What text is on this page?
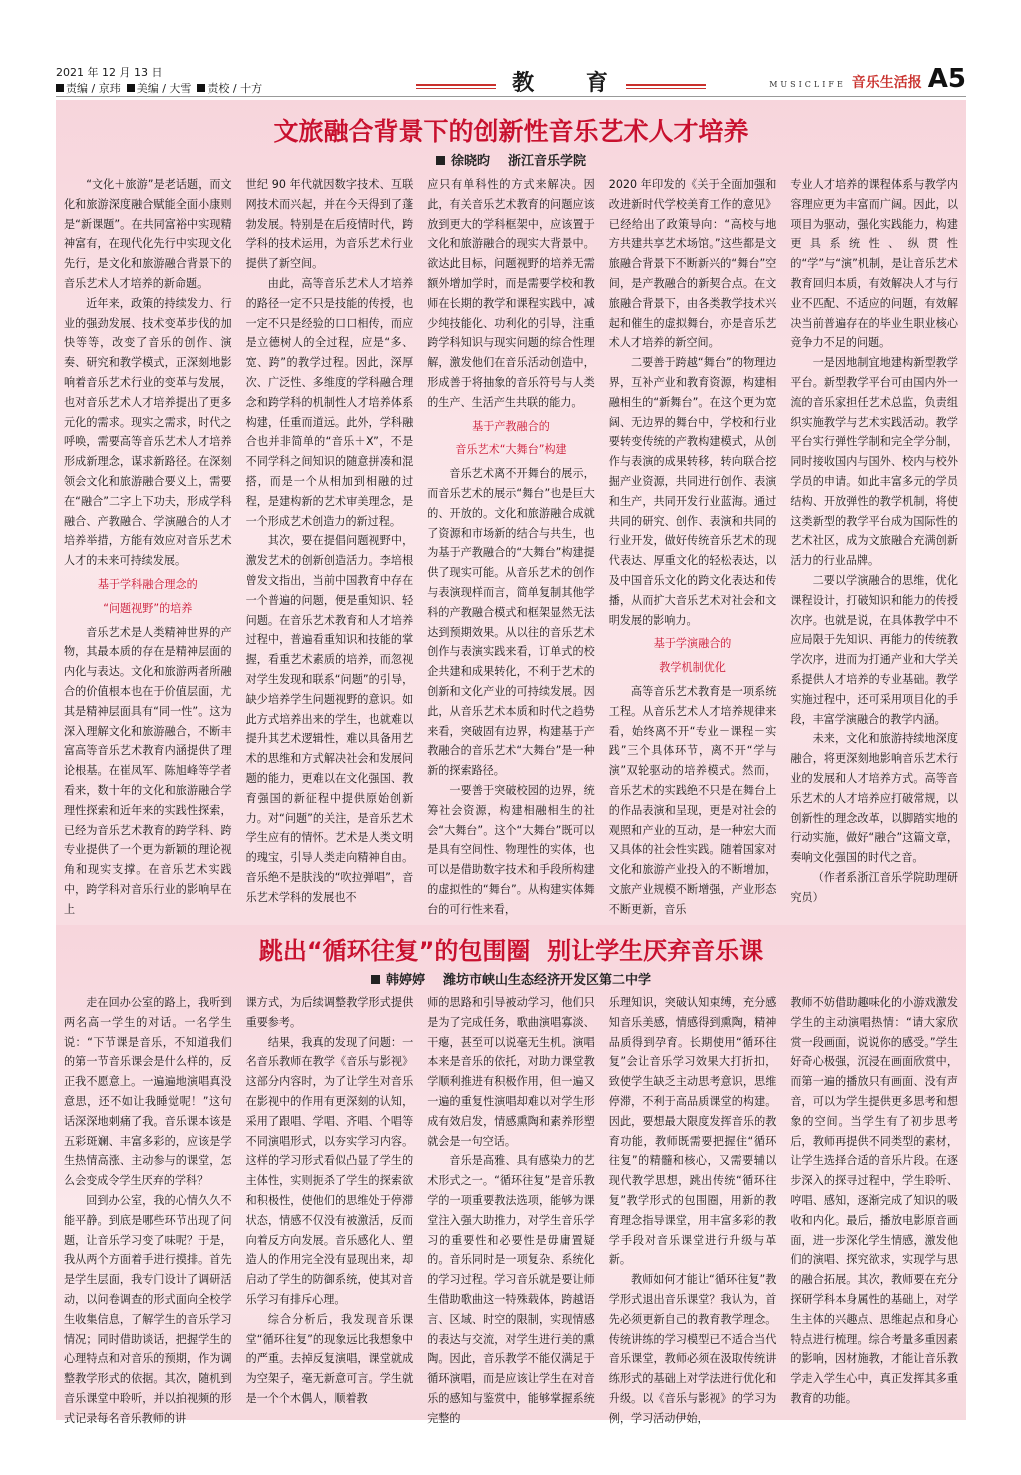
2021 年 12 月 13 日
责编 / 京玮	美编 / 大雪	责校 / 十方	教 育	MUSICLIFE 音乐生活报 A5
文旅融合背景下的创新性音乐艺术人才培养
徐晓昀 浙江音乐学院

“文化＋旅游”是老话题，而文化和旅游深度融合赋能全面小康则是“新课题”。在共同富裕中实现精神富有，在现代化先行中实现文化先行，是文化和旅游融合背景下的音乐艺术人才培养的新命题。

近年来，政策的持续发力、行业的强劲发展、技术变革步伐的加快等等，改变了音乐的创作、演奏、研究和教学模式，正深刻地影响着音乐艺术行业的变革与发展，也对音乐艺术人才培养提出了更多元化的需求。现实之需求，时代之呼唤，需要高等音乐艺术人才培养形成新理念，谋求新路径。在深刻领会文化和旅游融合要义上，需要在“融合”二字上下功夫，形成学科融合、产教融合、学演融合的人才培养举措，方能有效应对音乐艺术人才的未来可持续发展。

基于学科融合理念的
“问题视野”的培养

音乐艺术是人类精神世界的产物，其最本质的存在是精神层面的内化与表达。文化和旅游两者所融合的价值根本也在于价值层面，尤其是精神层面具有“同一性”。这为深入理解文化和旅游融合，不断丰富高等音乐艺术教育内涵提供了理论根基。在崔凤军、陈旭峰等学者看来，数十年的文化和旅游融合学理性探索和近年来的实践性探索，已经为音乐艺术教育的跨学科、跨专业提供了一个更为新颖的理论视角和现实支撑。在音乐艺术实践中，跨学科对音乐行业的影响早在上

世纪 90 年代就因数字技术、互联网技术而兴起，并在今天得到了蓬勃发展。特别是在后疫情时代，跨学科的技术运用，为音乐艺术行业提供了新空间。

由此，高等音乐艺术人才培养的路径一定不只是技能的传授，也一定不只是经验的口口相传，而应是立德树人的全过程，应是“多、宽、跨”的教学过程。因此，深厚次、广泛性、多维度的学科融合理念和跨学科的机制性人才培养体系构建，任重而道远。此外，学科融合也并非简单的“音乐＋X”，不是不同学科之间知识的随意拼凑和混搭，而是一个从相加到相融的过程，是建构新的艺术审美理念，是一个形成艺术创造力的新过程。

其次，要在提倡问题视野中，激发艺术的创新创造活力。李培根曾发文指出，当前中国教育中存在一个普遍的问题，便是重知识、轻问题。在音乐艺术教育和人才培养过程中，普遍看重知识和技能的掌握，看重艺术素质的培养，而忽视对学生发现和联系“问题”的引导，缺少培养学生问题视野的意识。如此方式培养出来的学生，也就难以提升其艺术逻辑性，难以具备用艺术的思维和方式解决社会和发展问题的能力，更难以在文化强国、教育强国的新征程中提供原始创新力。对“问题”的关注，是音乐艺术学生应有的情怀。艺术是人类文明的瑰宝，引导人类走向精神自由。音乐绝不是肤浅的“吹拉弹唱”，音乐艺术学科的发展也不

应只有单科性的方式来解决。因此，有关音乐艺术教育的问题应该放到更大的学科框架中，应该置于文化和旅游融合的现实大背景中。欲达此目标，问题视野的培养无需额外增加学时，而是需要学校和教师在长期的教学和课程实践中，减少纯技能化、功利化的引导，注重跨学科知识与现实问题的综合性理解，激发他们在音乐活动创造中，形成善于将抽象的音乐符号与人类的生产、生活产生共联的能力。

基于产教融合的
音乐艺术“大舞台”构建

音乐艺术离不开舞台的展示，而音乐艺术的展示“舞台”也是巨大的、开放的。文化和旅游融合成就了资源和市场新的结合与共生，也为基于产教融合的“大舞台”构建提供了现实可能。从音乐艺术的创作与表演现样而言，简单复制其他学科的产教融合模式和框架显然无法达到预期效果。从以往的音乐艺术创作与表演实践来看，订单式的校企共建和成果转化，不利于艺术的创新和文化产业的可持续发展。因此，从音乐艺术本质和时代之趋势来看，突破固有边界，构建基于产教融合的音乐艺术“大舞台”是一种新的探索路径。

一要善于突破校园的边界，统筹社会资源，构建相融相生的社会“大舞台”。这个“大舞台”既可以是具有空间性、物理性的实体，也可以是借助数字技术和手段所构建的虚拟性的“舞台”。从构建实体舞台的可行性来看，

2020 年印发的《关于全面加强和改进新时代学校美育工作的意见》已经给出了政策导向：“高校与地方共建共享艺术场馆。”这些都是文旅融合背景下不断新兴的“舞台”空间，是产教融合的新契合点。在文旅融合背景下，由各类教学技术兴起和催生的虚拟舞台，亦是音乐艺术人才培养的新空间。

二要善于跨越“舞台”的物理边界，互补产业和教育资源，构建相融相生的“新舞台”。在这个更为宽阔、无边界的舞台中，学校和行业要转变传统的产教构建模式，从创作与表演的成果转移，转向联合挖掘产业资源，共同进行创作、表演和生产，共同开发行业蓝海。通过共同的研究、创作、表演和共同的行业开发，做好传统音乐艺术的现代表达、厚重文化的轻松表达，以及中国音乐文化的跨文化表达和传播，从而扩大音乐艺术对社会和文明发展的影响力。

基于学演融合的
教学机制优化

高等音乐艺术教育是一项系统工程。从音乐艺术人才培养规律来看，始终离不开“专业－课程－实践”三个具体环节，离不开“学与演”双轮驱动的培养模式。然而，音乐艺术的实践绝不只是在舞台上的作品表演和呈现，更是对社会的观照和产业的互动，是一种宏大而又具体的社会性实践。随着国家对文化和旅游产业投入的不断增加，文旅产业规模不断增强，产业形态不断更新，音乐

专业人才培养的课程体系与教学内容理应更为丰富而广阔。因此，以项目为驱动，强化实践能力，构建更具系统性、纵贯性的“学”与“演”机制，是让音乐艺术教育回归本质，有效解决人才与行业不匹配、不适应的问题，有效解决当前普遍存在的毕业生职业核心竞争力不足的问题。

一是因地制宜地建构新型教学平台。新型教学平台可由国内外一流的音乐家担任艺术总监，负责组织实施教学与艺术实践活动。教学平台实行弹性学制和完全学分制，同时接收国内与国外、校内与校外学员的申请。如此丰富多元的学员结构、开放弹性的教学机制，将使这类新型的教学平台成为国际性的艺术社区，成为文旅融合充满创新活力的行业品牌。

二要以学演融合的思维，优化课程设计，打破知识和能力的传授次序。也就是说，在具体教学中不应局限于先知识、再能力的传统教学次序，进而为打通产业和大学关系提供人才培养的专业基础。教学实施过程中，还可采用项目化的手段，丰富学演融合的教学内涵。

未来，文化和旅游持续地深度融合，将更深刻地影响音乐艺术行业的发展和人才培养方式。高等音乐艺术的人才培养应打破常规，以创新性的理念改革，以脚踏实地的行动实施，做好“融合”这篇文章，奏响文化强国的时代之音。

（作者系浙江音乐学院助理研究员）

跳出“循环往复”的包围圈  别让学生厌弃音乐课
韩婷婷 潍坊市峡山生态经济开发区第二中学

走在回办公室的路上，我听到两名高一学生的对话。一名学生说：“下节课是音乐，不知道我们的第一节音乐课会是什么样的，反正我不愿意上。一遍遍地演唱真没意思，还不如让我睡觉呢！”这句话深深地刺痛了我。音乐课本该是五彩斑斓、丰富多彩的，应该是学生热情高涨、主动参与的课堂，怎么会变成令学生厌弃的学科？

回到办公室，我的心情久久不能平静。到底是哪些环节出现了问题，让音乐学习变了味呢？于是，我从两个方面着手进行摸排。首先是学生层面，我专门设计了调研活动，以问卷调查的形式面向全校学生收集信息，了解学生的音乐学习情况；同时借助谈话，把握学生的心理特点和对音乐的预期，作为调整教学形式的依据。其次，随机到音乐课堂中聆听，并以拍视频的形式记录每名音乐教师的讲

课方式，为后续调整教学形式提供重要参考。

结果，我真的发现了问题：一名音乐教师在教学《音乐与影视》这部分内容时，为了让学生对音乐在影视中的作用有更深刻的认知，采用了跟唱、学唱、齐唱、个唱等不同演唱形式，以夯实学习内容。这样的学习形式看似凸显了学生的主体性，实则扼杀了学生的探索欲和积极性，使他们的思维处于停滞状态，情感不仅没有被激活，反而向着反方向发展。音乐感化人、塑造人的作用完全没有显现出来，却启动了学生的防御系统，使其对音乐学习有排斥心理。

综合分析后，我发现音乐课堂“循环往复”的现象远比我想象中的严重。去掉反复演唱，课堂就成为空架子，毫无新意可言。学生就是一个个木偶人，顺着教

师的思路和引导被动学习，他们只是为了完成任务，歌曲演唱寡淡、干瘪，甚至可以说毫无生机。演唱本来是音乐的依托，对助力课堂教学顺利推进有积极作用，但一遍又一遍的重复性演唱却难以对学生形成有效启发，情感熏陶和素养形塑就会是一句空话。

音乐是高雅、具有感染力的艺术形式之一。“循环往复”是音乐教学的一项重要教法选项，能够为课堂注入强大助推力，对学生音乐学习的重要性和必要性是毋庸置疑的。音乐同时是一项复杂、系统化的学习过程。学习音乐就是要让师生借助歌曲这一特殊载体，跨越语言、区域、时空的限制，实现情感的表达与交流，对学生进行美的熏陶。因此，音乐教学不能仅满足于循环演唱，而是应该让学生在对音乐的感知与鉴赏中，能够掌握系统完整的

乐理知识，突破认知束缚，充分感知音乐美感，情感得到熏陶，精神品质得到孕育。长期使用“循环往复”会让音乐学习效果大打折扣，致使学生缺乏主动思考意识，思维停滞，不利于高品质课堂的构建。因此，要想最大限度发挥音乐的教育功能，教师既需要把握住“循环往复”的精髓和核心，又需要辅以现代教学思想，跳出传统“循环往复”教学形式的包围圈，用新的教育理念指导课堂，用丰富多彩的教学手段对音乐课堂进行升级与革新。

教师如何才能让“循环往复”教学形式退出音乐课堂？我认为，首先必须更新自己的教育教学理念。传统讲练的学习模型已不适合当代音乐课堂，教师必须在汲取传统讲练形式的基础上对学法进行优化和升级。以《音乐与影视》的学习为例，学习活动伊始，

教师不妨借助趣味化的小游戏激发学生的主动演唱热情：“请大家欣赏一段画面，说说你的感受。”学生好奇心极强，沉浸在画面欣赏中，而第一遍的播放只有画面、没有声音，可以为学生提供更多思考和想象的空间。当学生有了初步思考后，教师再提供不同类型的素材，让学生选择合适的音乐片段。在逐步深入的探寻过程中，学生聆听、哼唱、感知，逐渐完成了知识的吸收和内化。最后，播放电影原音画面，进一步深化学生情感，激发他们的演唱、探究欲求，实现学与思的融合拓展。其次，教师要在充分探研学科本身属性的基础上，对学生主体的兴趣点、思维起点和身心特点进行梳理。综合考量多重因素的影响，因材施教，才能让音乐教学走入学生心中，真正发挥其多重教育的功能。
